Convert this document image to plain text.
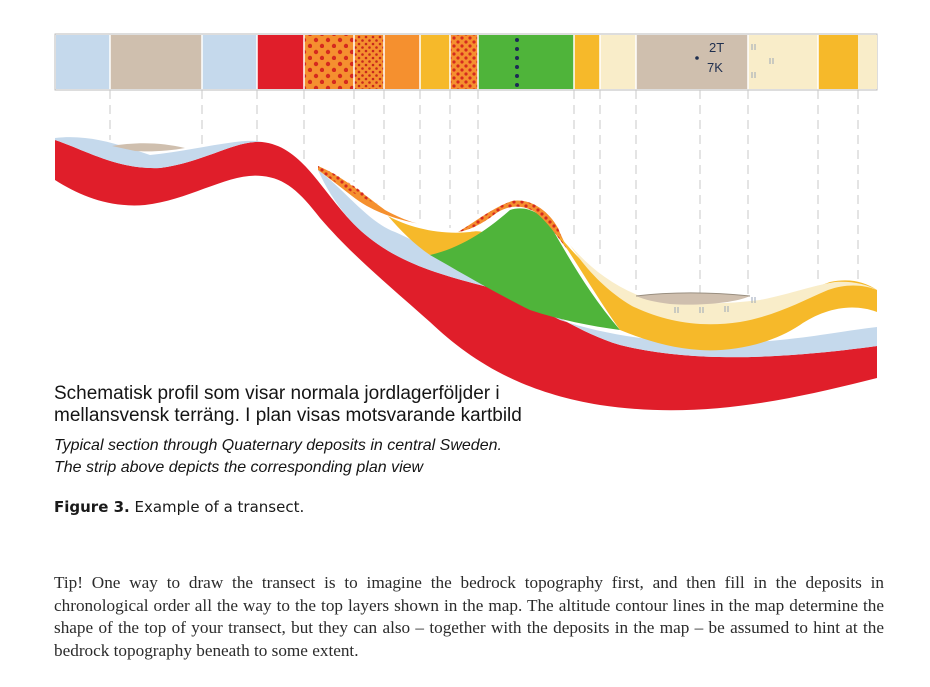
2T
7K
Schematisk profil som visar normala jordlagerföljder i
mellansvensk terräng. I plan visas motsvarande kartbild
Typical section through Quaternary deposits in central Sweden.
The strip above depicts the corresponding plan view
Figure 3. Example of a transect.
Tip! One way to draw the transect is to imagine the bedrock topography first, and then fill in the deposits in chronological order all the way to the top layers shown in the map. The altitude contour lines in the map determine the shape of the top of your transect, but they can also – together with the deposits in the map – be assumed to hint at the bedrock topography beneath to some extent.
